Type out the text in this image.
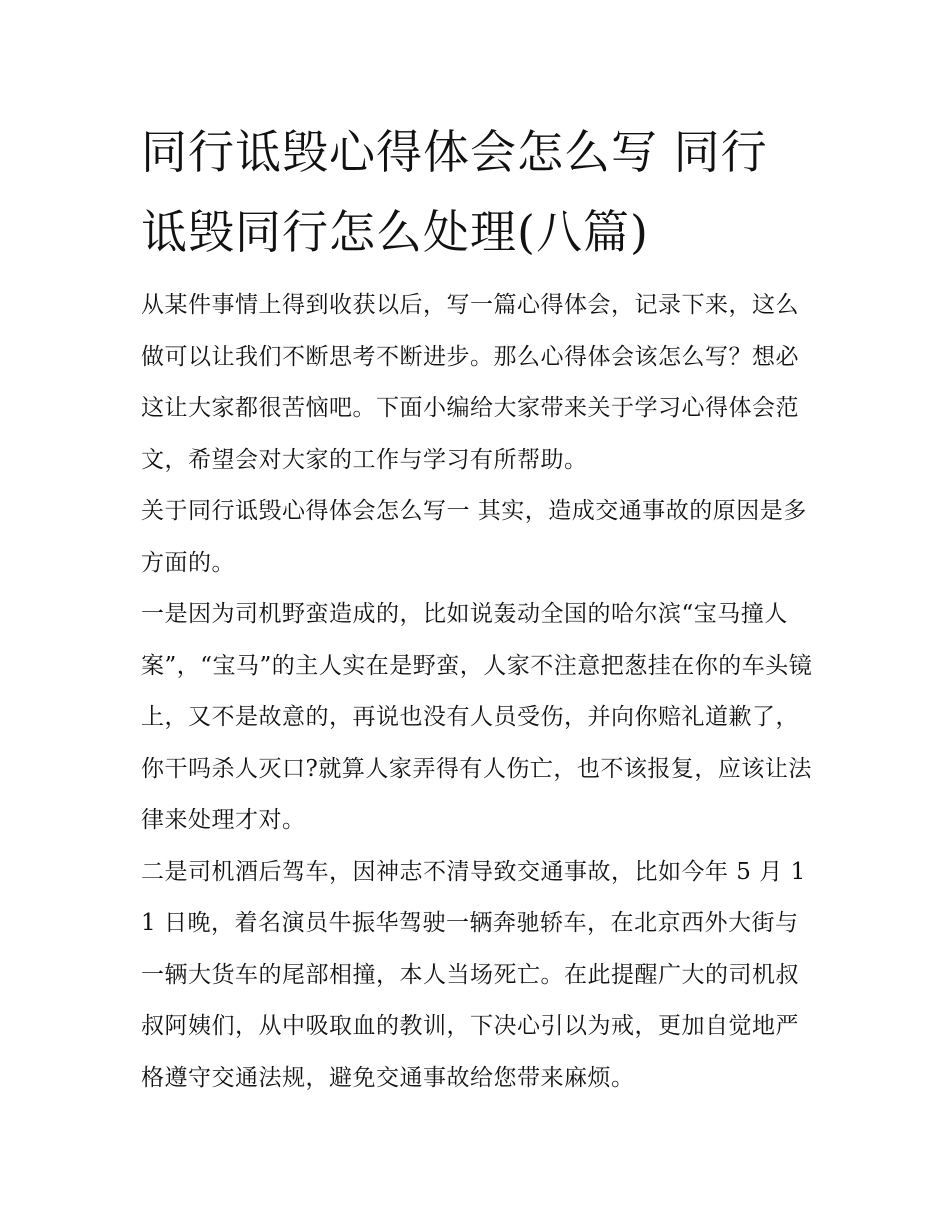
同行诋毁心得体会怎么写 同行诋毁同行怎么处理(八篇)

从某件事情上得到收获以后，写一篇心得体会，记录下来，这么做可以让我们不断思考不断进步。那么心得体会该怎么写？想必这让大家都很苦恼吧。下面小编给大家带来关于学习心得体会范文，希望会对大家的工作与学习有所帮助。

关于同行诋毁心得体会怎么写一 其实，造成交通事故的原因是多方面的。

一是因为司机野蛮造成的，比如说轰动全国的哈尔滨“宝马撞人案”，“宝马”的主人实在是野蛮，人家不注意把葱挂在你的车头镜上，又不是故意的，再说也没有人员受伤，并向你赔礼道歉了，你干吗杀人灭口?就算人家弄得有人伤亡，也不该报复，应该让法律来处理才对。

二是司机酒后驾车，因神志不清导致交通事故，比如今年 5 月 11 日晚，着名演员牛振华驾驶一辆奔驰轿车，在北京西外大街与一辆大货车的尾部相撞，本人当场死亡。在此提醒广大的司机叔叔阿姨们，从中吸取血的教训，下决心引以为戒，更加自觉地严格遵守交通法规，避免交通事故给您带来麻烦。
